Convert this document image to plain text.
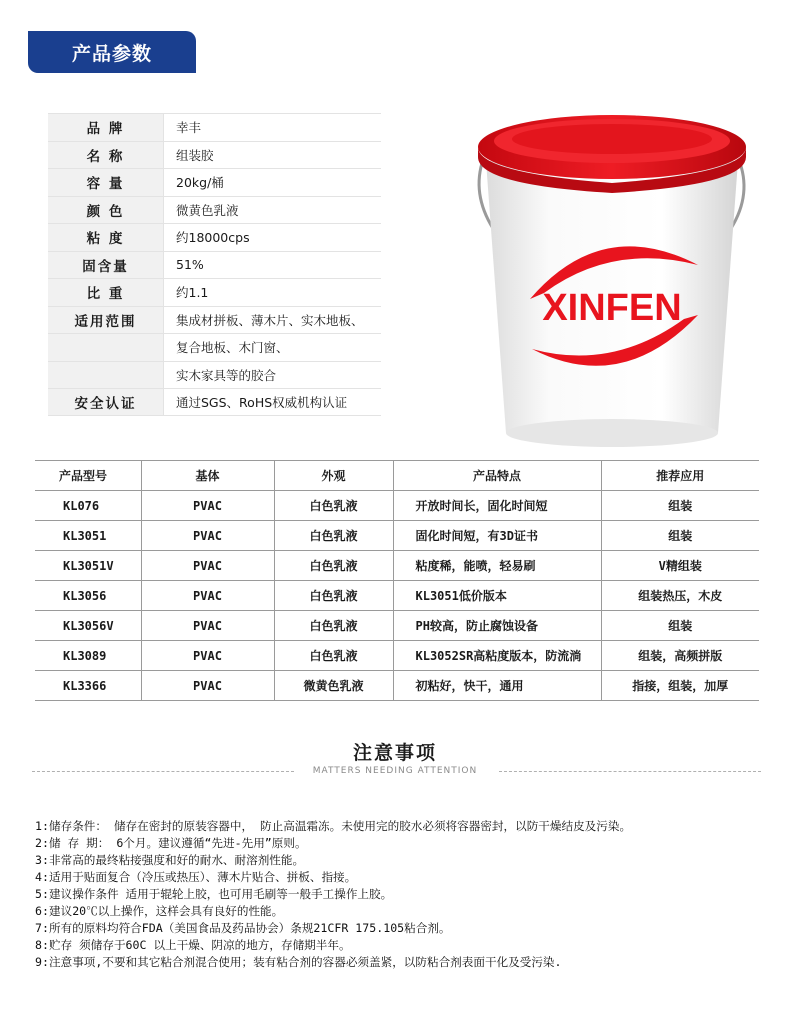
产品参数
品 牌	幸丰
名 称	组装胶
容 量	20kg/桶
颜 色	微黄色乳液
粘 度	约18000cps
固含量	51%
比 重	约1.1
适用范围	集成材拼板、薄木片、实木地板、
复合地板、木门窗、
实木家具等的胶合
安全认证	通过SGS、RoHS权威机构认证
XINFEN
产品型号	基体	外观	产品特点	推荐应用
KL076	PVAC	白色乳液	开放时间长，固化时间短	组装
KL3051	PVAC	白色乳液	固化时间短，有3D证书	组装
KL3051V	PVAC	白色乳液	粘度稀，能喷，轻易刷	V精组装
KL3056	PVAC	白色乳液	KL3051低价版本	组装热压，木皮
KL3056V	PVAC	白色乳液	PH较高，防止腐蚀设备	组装
KL3089	PVAC	白色乳液	KL3052SR高粘度版本，防流淌	组装，高频拼版
KL3366	PVAC	微黄色乳液	初粘好，快干，通用	指接，组装，加厚
注意事项
MATTERS NEEDING ATTENTION
1: 储存条件： 储存在密封的原装容器中， 防止高温霜冻。未使用完的胶水必须将容器密封，以防干燥结皮及污染。
2: 储 存 期： 6个月。建议遵循“先进-先用”原则。
3: 非常高的最终粘接强度和好的耐水、耐溶剂性能。
4: 适用于贴面复合（冷压或热压）、薄木片贴合、拼板、指接。
5: 建议操作条件 适用于辊轮上胶，也可用毛刷等一般手工操作上胶。
6: 建议20℃以上操作，这样会具有良好的性能。
7: 所有的原料均符合FDA（美国食品及药品协会）条规21CFR 175.105粘合剂。
8: 贮存 须储存于60C 以上干燥、阴凉的地方，存储期半年。
9: 注意事项,不要和其它粘合剂混合使用；装有粘合剂的容器必须盖紧，以防粘合剂表面干化及受污染.
